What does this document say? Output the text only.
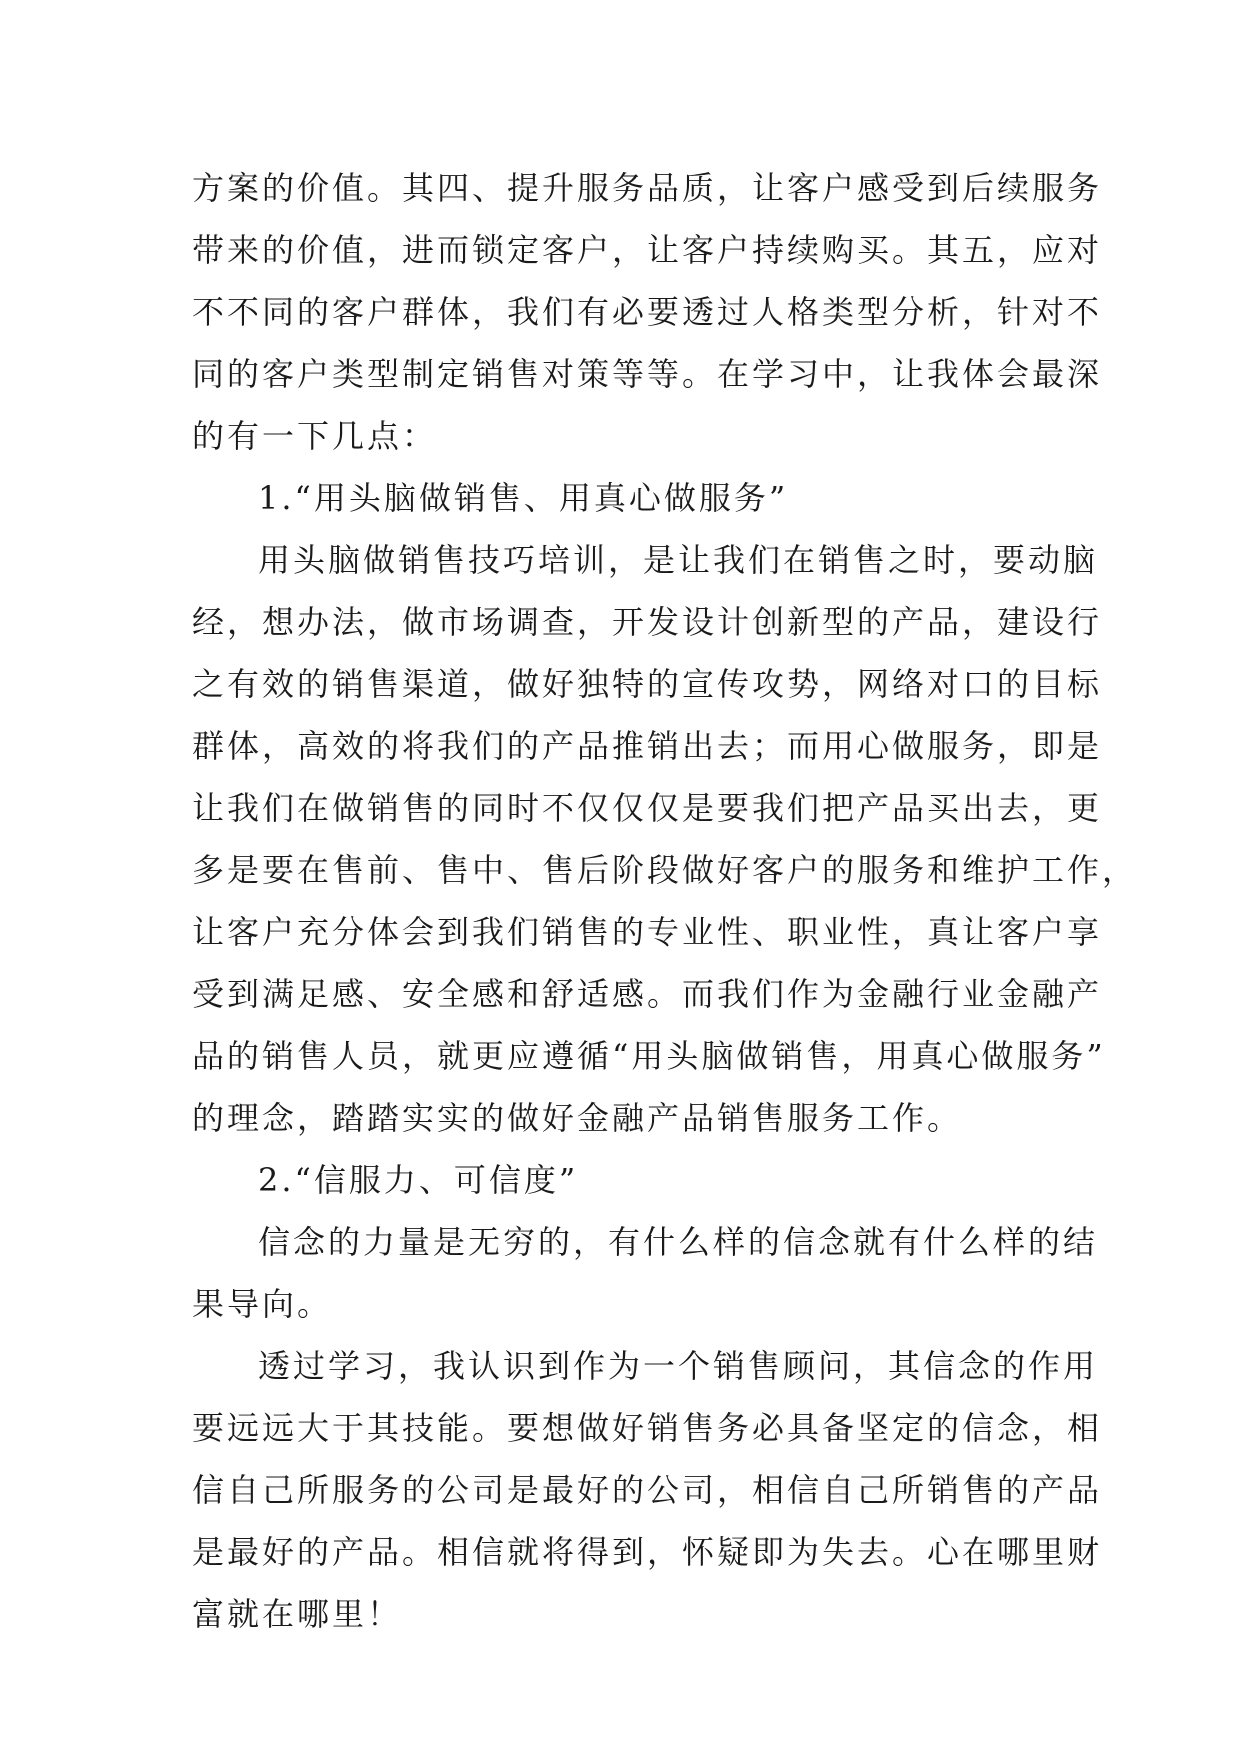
方案的价值。其四、提升服务品质，让客户感受到后续服务
带来的价值，进而锁定客户，让客户持续购买。其五，应对
不不同的客户群体，我们有必要透过人格类型分析，针对不
同的客户类型制定销售对策等等。在学习中，让我体会最深
的有一下几点：
1.“用头脑做销售、用真心做服务”
用头脑做销售技巧培训，是让我们在销售之时，要动脑
经，想办法，做市场调查，开发设计创新型的产品，建设行
之有效的销售渠道，做好独特的宣传攻势，网络对口的目标
群体，高效的将我们的产品推销出去；而用心做服务，即是
让我们在做销售的同时不仅仅仅是要我们把产品买出去，更
多是要在售前、售中、售后阶段做好客户的服务和维护工作，
让客户充分体会到我们销售的专业性、职业性，真让客户享
受到满足感、安全感和舒适感。而我们作为金融行业金融产
品的销售人员，就更应遵循“用头脑做销售，用真心做服务”
的理念，踏踏实实的做好金融产品销售服务工作。
2.“信服力、可信度”
信念的力量是无穷的，有什么样的信念就有什么样的结
果导向。
透过学习，我认识到作为一个销售顾问，其信念的作用
要远远大于其技能。要想做好销售务必具备坚定的信念，相
信自己所服务的公司是最好的公司，相信自己所销售的产品
是最好的产品。相信就将得到，怀疑即为失去。心在哪里财
富就在哪里！
